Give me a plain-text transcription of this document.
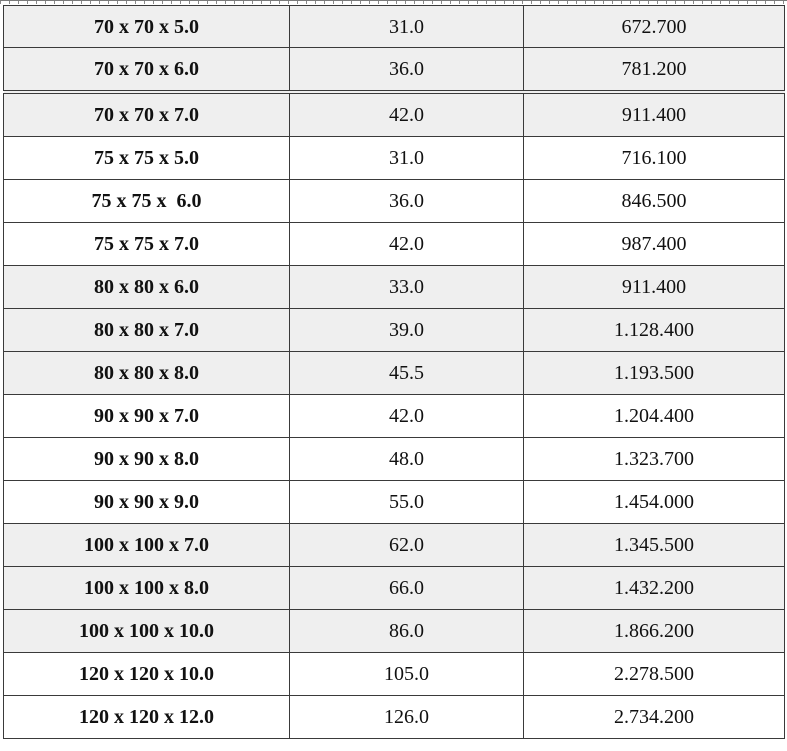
70 x 70 x 5.0	31.0	672.700
70 x 70 x 6.0	36.0	781.200
70 x 70 x 7.0	42.0	911.400
75 x 75 x 5.0	31.0	716.100
75 x 75 x  6.0	36.0	846.500
75 x 75 x 7.0	42.0	987.400
80 x 80 x 6.0	33.0	911.400
80 x 80 x 7.0	39.0	1.128.400
80 x 80 x 8.0	45.5	1.193.500
90 x 90 x 7.0	42.0	1.204.400
90 x 90 x 8.0	48.0	1.323.700
90 x 90 x 9.0	55.0	1.454.000
100 x 100 x 7.0	62.0	1.345.500
100 x 100 x 8.0	66.0	1.432.200
100 x 100 x 10.0	86.0	1.866.200
120 x 120 x 10.0	105.0	2.278.500
120 x 120 x 12.0	126.0	2.734.200
